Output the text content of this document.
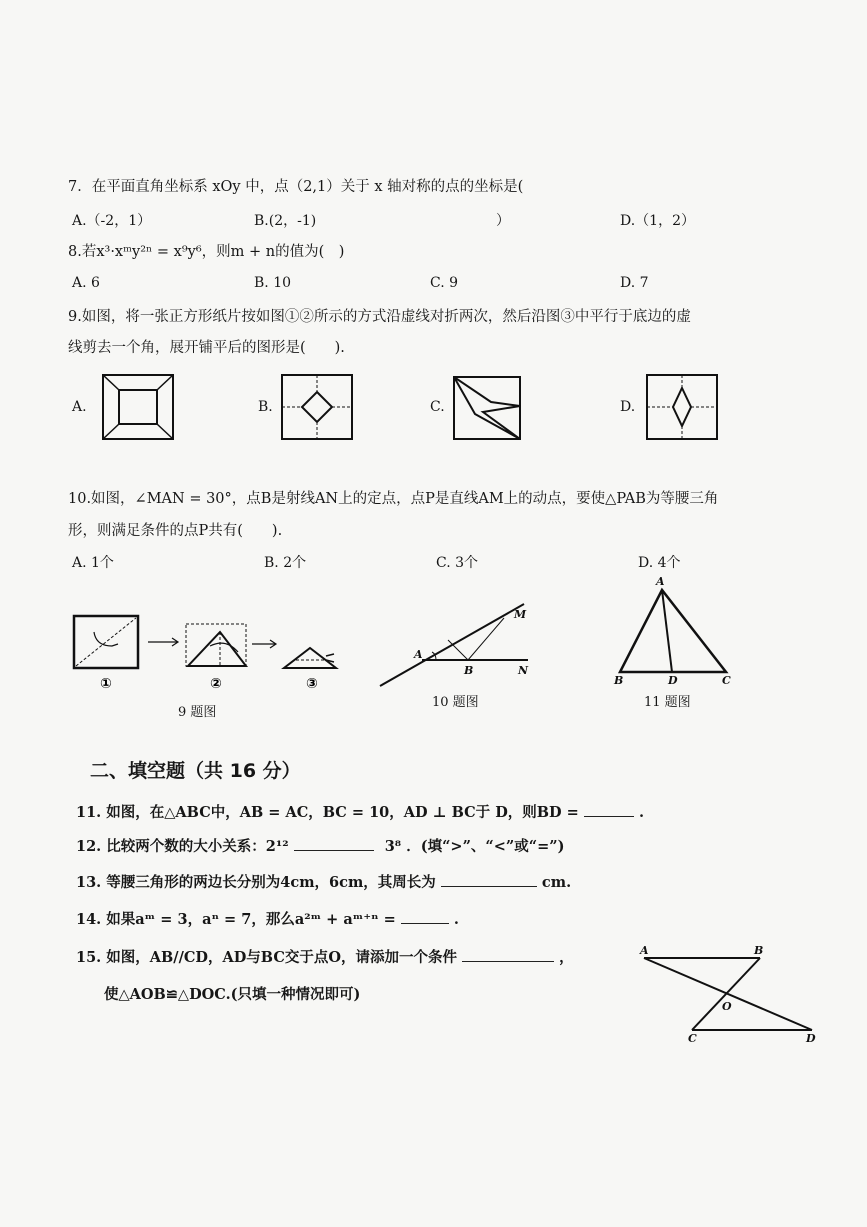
7．在平面直角坐标系 xOy 中，点（2,1）关于 x 轴对称的点的坐标是(
A.（-2，1）	B.(2，-1)	）	D.（1，2）
8.若x³·xᵐy²ⁿ = x⁹y⁶，则m + n的值为(　)
A. 6	B. 10	C. 9	D. 7
9.如图，将一张正方形纸片按如图①②所示的方式沿虚线对折两次，然后沿图③中平行于底边的虚
线剪去一个角，展开铺平后的图形是(　　).
A.	B.	C.	D.
10.如图，∠MAN = 30°，点B是射线AN上的定点，点P是直线AM上的动点，要使△PAB为等腰三角
形，则满足条件的点P共有(　　).
A. 1个	B. 2个	C. 3个	D. 4个
①	②	③
9 题图
A
B
M
N
10 题图
A
B	D	C
11 题图
二、填空题（共 16 分）
11. 如图，在△ABC中，AB = AC，BC = 10，AD ⊥ BC于 D，则BD =	.
12. 比较两个数的大小关系：2¹²	3⁸ ．(填“>”、“<”或“=”)
13. 等腰三角形的两边长分别为4cm，6cm，其周长为	cm.
14. 如果aᵐ = 3，aⁿ = 7，那么a²ᵐ + aᵐ⁺ⁿ =	.
15. 如图，AB//CD，AD与BC交于点O，请添加一个条件	，
使△AOB≌△DOC.(只填一种情况即可)
A	B
O
C	D
